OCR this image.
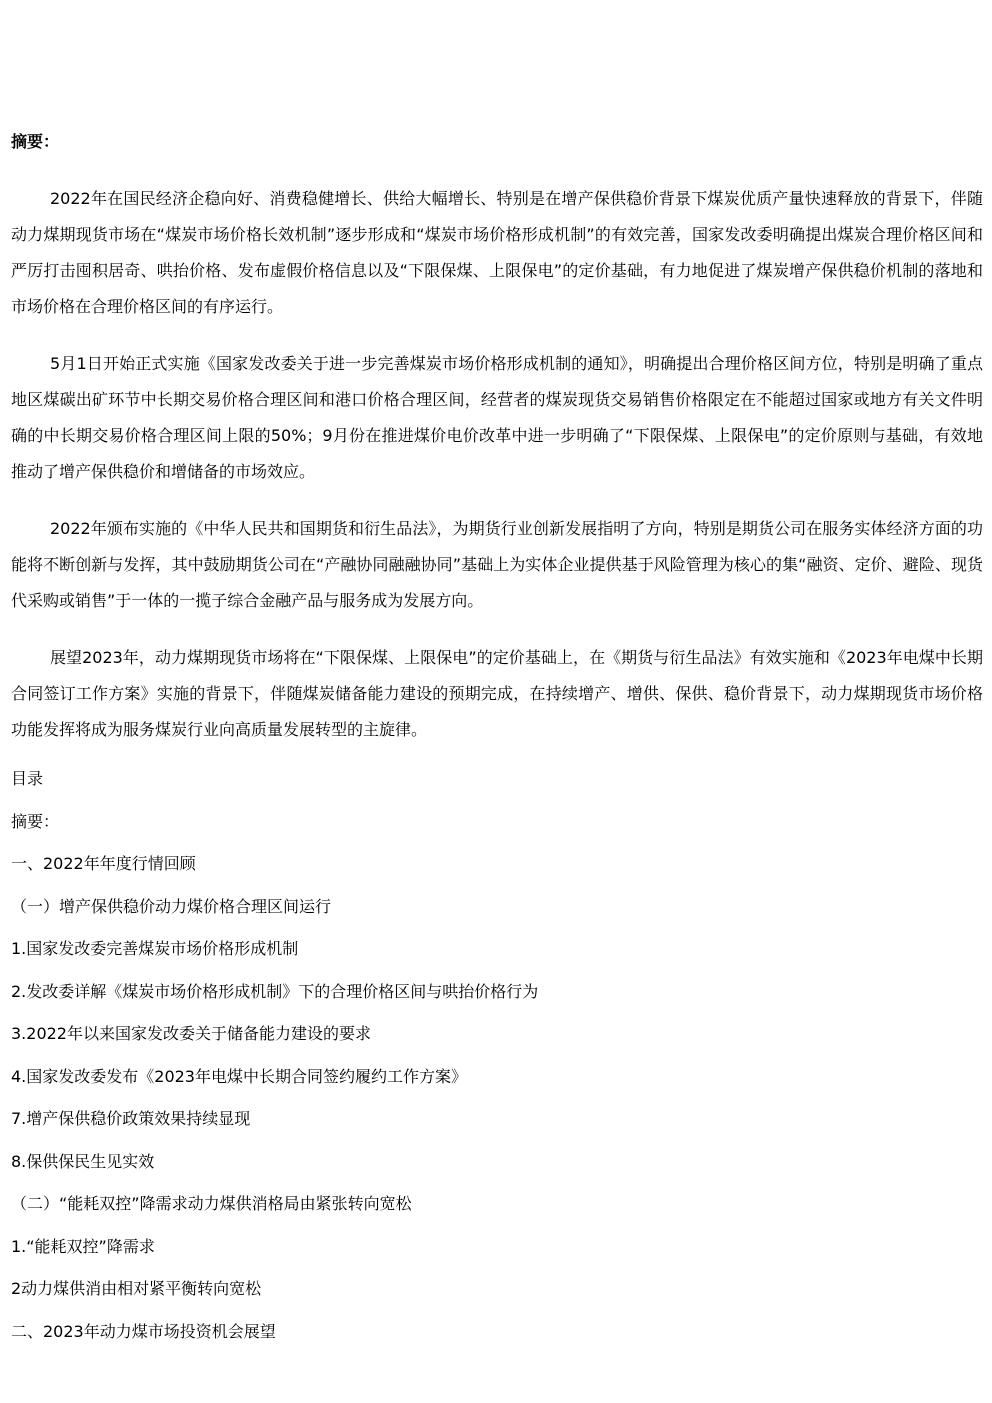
摘要：

2022年在国民经济企稳向好、消费稳健增长、供给大幅增长、特别是在增产保供稳价背景下煤炭优质产量快速释放的背景下，伴随动力煤期现货市场在“煤炭市场价格长效机制”逐步形成和“煤炭市场价格形成机制”的有效完善，国家发改委明确提出煤炭合理价格区间和严厉打击囤积居奇、哄抬价格、发布虚假价格信息以及“下限保煤、上限保电”的定价基础，有力地促进了煤炭增产保供稳价机制的落地和市场价格在合理价格区间的有序运行。

5月1日开始正式实施《国家发改委关于进一步完善煤炭市场价格形成机制的通知》，明确提出合理价格区间方位，特别是明确了重点地区煤碳出矿环节中长期交易价格合理区间和港口价格合理区间，经营者的煤炭现货交易销售价格限定在不能超过国家或地方有关文件明确的中长期交易价格合理区间上限的50%；9月份在推进煤价电价改革中进一步明确了“下限保煤、上限保电”的定价原则与基础，有效地推动了增产保供稳价和增储备的市场效应。

2022年颁布实施的《中华人民共和国期货和衍生品法》，为期货行业创新发展指明了方向，特别是期货公司在服务实体经济方面的功能将不断创新与发挥，其中鼓励期货公司在“产融协同融融协同”基础上为实体企业提供基于风险管理为核心的集“融资、定价、避险、现货代采购或销售”于一体的一揽子综合金融产品与服务成为发展方向。

展望2023年，动力煤期现货市场将在“下限保煤、上限保电”的定价基础上，在《期货与衍生品法》有效实施和《2023年电煤中长期合同签订工作方案》实施的背景下，伴随煤炭储备能力建设的预期完成，在持续增产、增供、保供、稳价背景下，动力煤期现货市场价格功能发挥将成为服务煤炭行业向高质量发展转型的主旋律。

目录
摘要：
一、2022年年度行情回顾
（一）增产保供稳价动力煤价格合理区间运行
1.国家发改委完善煤炭市场价格形成机制
2.发改委详解《煤炭市场价格形成机制》下的合理价格区间与哄抬价格行为
3.2022年以来国家发改委关于储备能力建设的要求
4.国家发改委发布《2023年电煤中长期合同签约履约工作方案》
7.增产保供稳价政策效果持续显现
8.保供保民生见实效
（二）“能耗双控”降需求动力煤供消格局由紧张转向宽松
1.“能耗双控”降需求
2动力煤供消由相对紧平衡转向宽松
二、2023年动力煤市场投资机会展望
